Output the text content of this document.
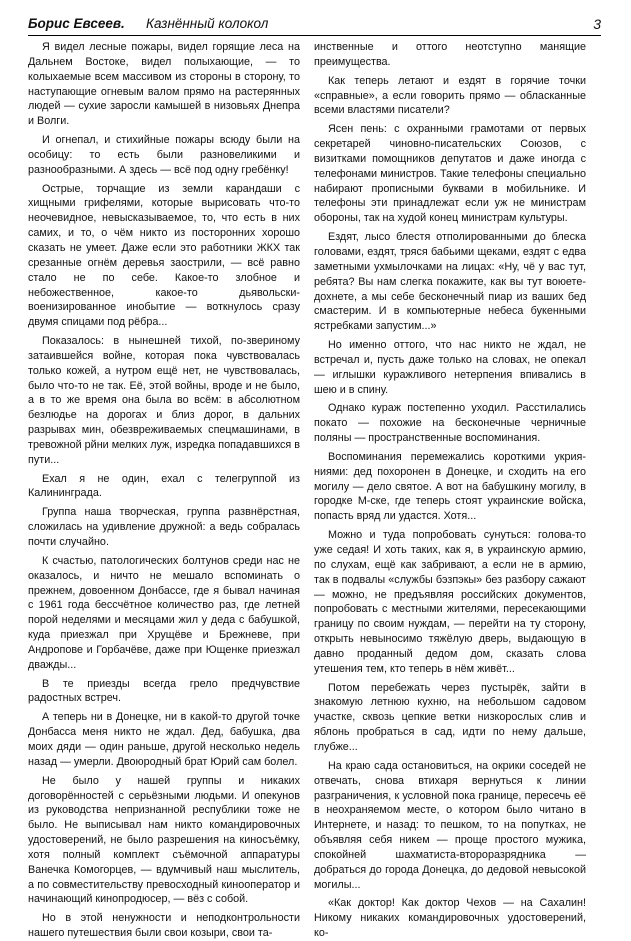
Борис Евсеев. Казнённый колокол	3

Я видел лесные пожары, видел горящие леса на Дальнем Востоке, видел полыхающие, — то колыхаемые всем массивом из стороны в сторону, то наступающие огневым валом прямо на растерянных людей — сухие заросли камышей в низовьях Днепра и Волги.

И огнепал, и стихийные пожары всюду были на особицу: то есть были разновеликими и разнообразными. А здесь — всё под одну гребёнку!

Острые, торчащие из земли карандаши с хищными грифелями, которые вырисовать что-то неочевидное, невысказываемое, то, что есть в них самих, и то, о чём никто из посторонних хорошо сказать не умеет. Даже если это работники ЖКХ так срезанные огнём деревья заострили, — всё равно стало не по себе. Какое-то злобное и небожественное, какое-то дьявольски-военизированное инобытие — воткнулось сразу двумя спицами под рёбра...

Показалось: в нынешней тихой, по-звериному затаившейся войне, которая пока чувствовалась только кожей, а нутром ещё нет, не чувствовалась, было что-то не так. Её, этой войны, вроде и не было, а в то же время она была во всём: в абсолютном безлюдье на дорогах и близ дорог, в дальних разрывах мин, обезвреживаемых спецмашинами, в тревожной рйни мелких луж, изредка попадавшихся в пути...

Ехал я не один, ехал с телегруппой из Калининграда.

Группа наша творческая, группа развнёрстная, сложилась на удивление дружной: а ведь собралась почти случайно.

К счастью, патологических болтунов среди нас не оказалось, и ничто не мешало вспоминать о прежнем, довоенном Донбассе, где я бывал начиная с 1961 года бессчётное количество раз, где летней порой неделями и месяцами жил у деда с бабушкой, куда приезжал при Хрущёве и Брежневе, при Андропове и Горбачёве, даже при Ющенке приезжал дважды...

В те приезды всегда грело предчувствие радостных встреч.

А теперь ни в Донецке, ни в какой-то другой точке Донбасса меня никто не ждал. Дед, бабушка, два моих дяди — один раньше, другой несколько недель назад — умерли. Двоюродный брат Юрий сам болел.

Не было у нашей группы и никаких договорённостей с серьёзными людьми. И опекунов из руководства непризнанной республики тоже не было. Не выписывал нам никто командировочных удостоверений, не было разрешения на киносъёмку, хотя полный комплект съёмочной аппаратуры Ванечка Комогорцев, — вдумчивый наш мыслитель, а по совместительству превосходный кинооператор и начинающий кинопродюсер, — вёз с собой.

Но в этой ненужности и неподконтрольности нашего путешествия были свои козыри, свои та-

инственные и оттого неотступно манящие преимущества.

Как теперь летают и ездят в горячие точки «справные», а если говорить прямо — обласканные всеми властями писатели?

Ясен пень: с охранными грамотами от первых секретарей чиновно-писательских Союзов, с визитками помощников депутатов и даже иногда с телефонами министров. Такие телефоны специально набирают прописными буквами в мобильнике. И телефоны эти принадлежат если уж не министрам обороны, так на худой конец министрам культуры.

Ездят, лысо блестя отполированными до блеска головами, ездят, тряся бабьими щеками, ездят с едва заметными ухмылочками на лицах: «Ну, чё у вас тут, ребята? Вы нам слегка покажите, как вы тут воюете-дохнете, а мы себе бесконечный пиар из ваших бед смастерим. И в компьютерные небеса букенными ястребками запустим...»

Но именно оттого, что нас никто не ждал, не встречал и, пусть даже только на словах, не опекал — иглышки куражливого нетерпения впивались в шею и в спину.

Однако кураж постепенно уходил. Расстилались покато — похожие на бесконечные черничные поляны — пространственные воспоминания.

Воспоминания перемежались короткими укрияниями: дед похоронен в Донецке, и сходить на его могилу — дело святое. А вот на бабушкину могилу, в городке М-ске, где теперь стоят украинские войска, попасть вряд ли удастся. Хотя...

Можно и туда попробовать сунуться: голова-то уже седая! И хоть таких, как я, в украинскую армию, по слухам, ещё как забривают, а если не в армию, так в подвалы «службы бэзпэкы» без разбору сажают — можно, не предъявляя российских документов, попробовать с местными жителями, пересекающими границу по своим нуждам, — перейти на ту сторону, открыть невыносимо тяжёлую дверь, выдающую в давно проданный дедом дом, сказать слова утешения тем, кто теперь в нём живёт...

Потом перебежать через пустырёк, зайти в знакомую летнюю кухню, на небольшом садовом участке, сквозь цепкие ветки низкорослых слив и яблонь пробраться в сад, идти по нему дальше, глубже...

На краю сада остановиться, на окрики соседей не отвечать, снова втихаря вернуться к линии разграничения, к условной пока границе, пересечь её в неохраняемом месте, о котором было читано в Интернете, и назад: то пешком, то на попутках, не объявляя себя никем — проще простого мужика, спокойней шахматиста-второразрядника — добраться до города Донецка, до дедовой невысокой могилы...

«Как доктор! Как доктор Чехов — на Сахалин! Никому никаких командировочных удостоверений, ко-
